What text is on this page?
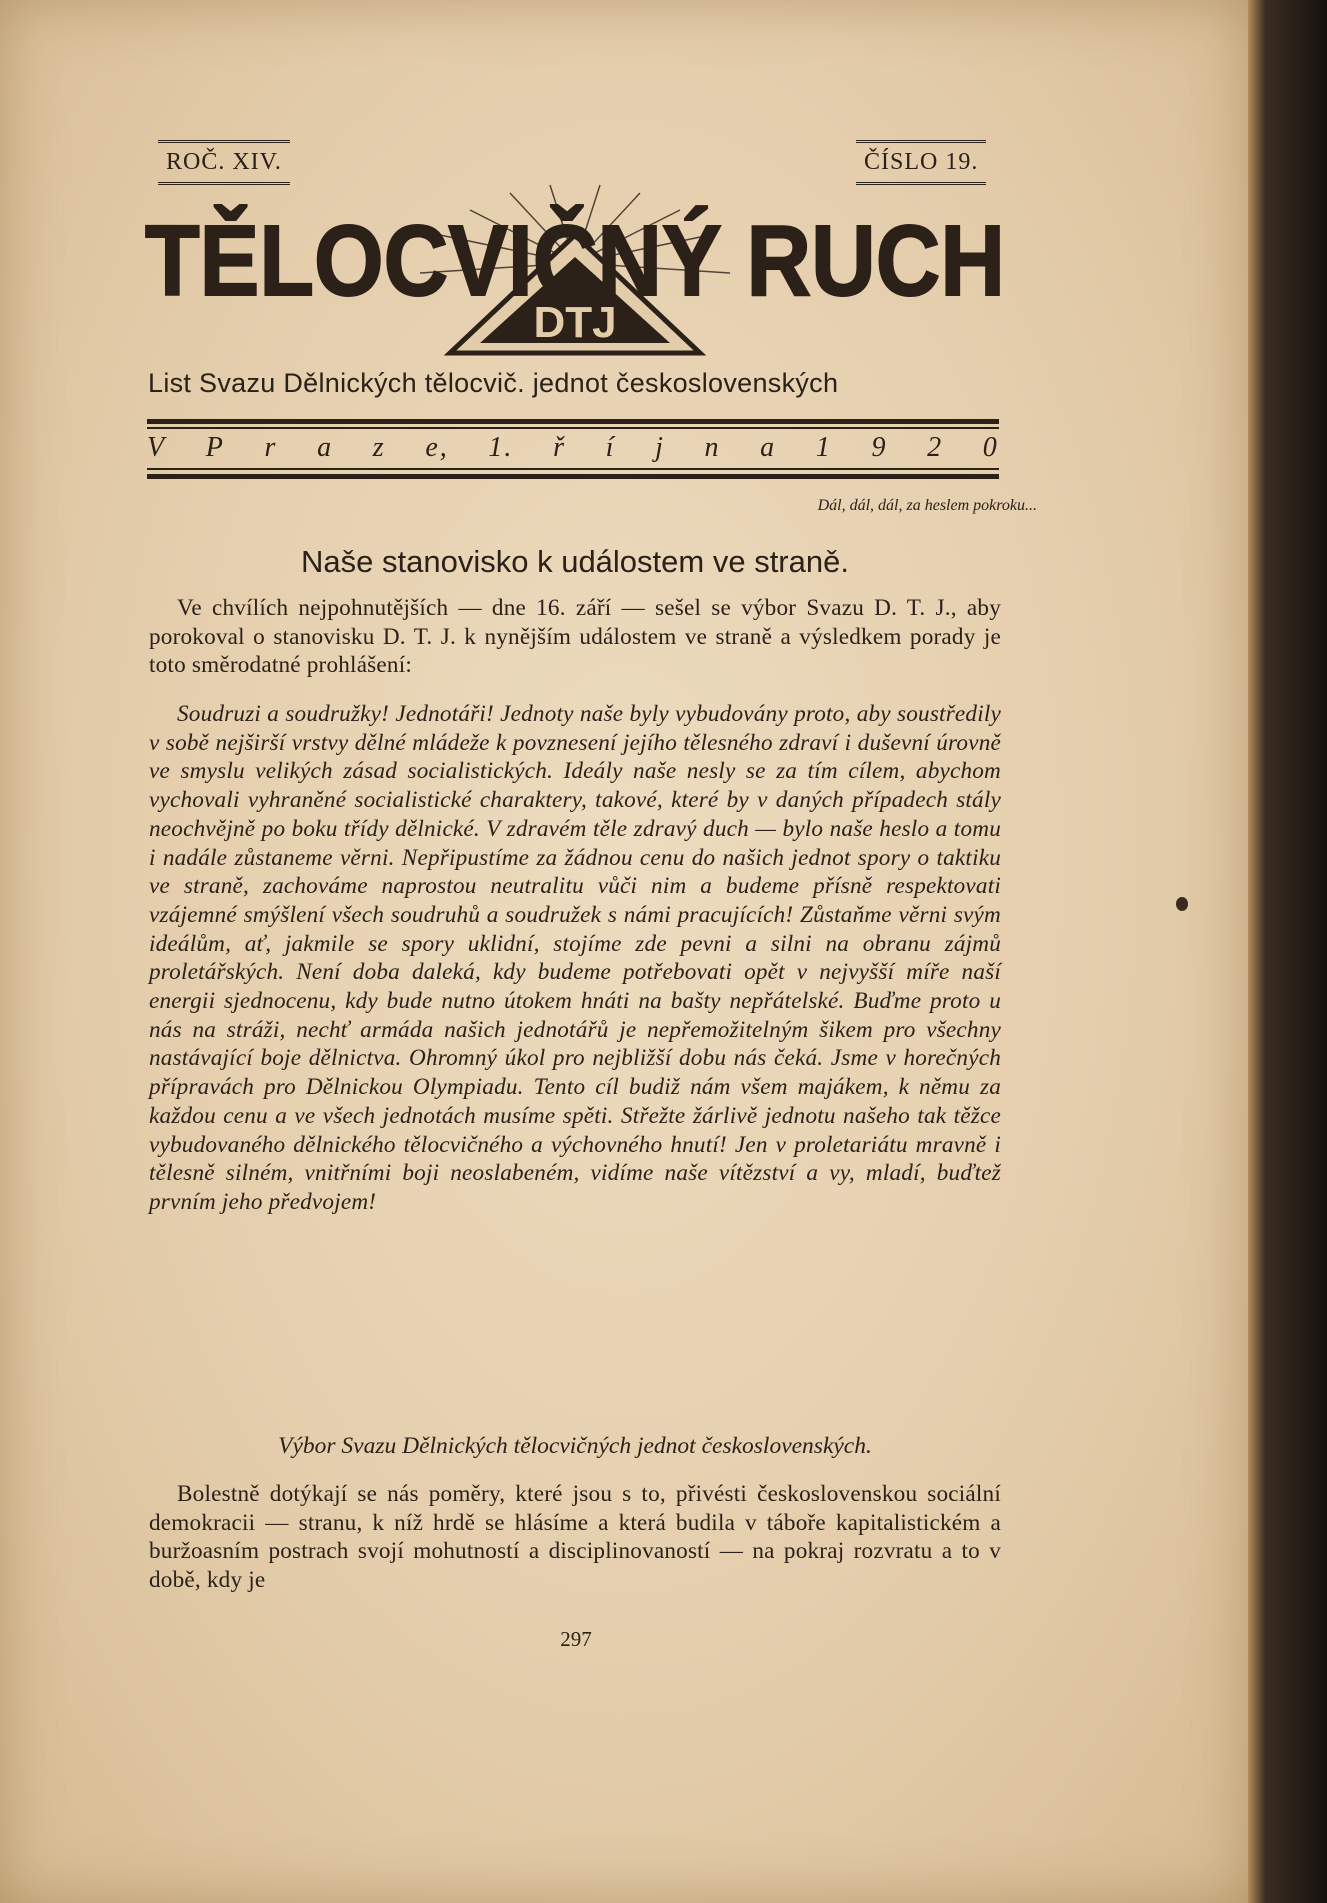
ROČ. XIV.	ČÍSLO 19.
DTJ
TĚLOCVIČNÝ RUCH
List Svazu Dělnických tělocvič. jednot československých
V P r a z e, 1. ř í j n a 1 9 2 0
Dál, dál, dál, za heslem pokroku...
Naše stanovisko k událostem ve straně.
Ve chvílích nejpohnutějších — dne 16. září — sešel se výbor Svazu D. T. J., aby porokoval o stanovisku D. T. J. k nynějším událostem ve straně a výsledkem porady je toto směrodatné prohlášení:
Soudruzi a soudružky! Jednotáři! Jednoty naše byly vybudovány proto, aby soustředily v sobě nejširší vrstvy dělné mládeže k povznesení jejího tělesného zdraví i duševní úrovně ve smyslu velikých zásad socialistických. Ideály naše nesly se za tím cílem, abychom vychovali vyhraněné socialistické charaktery, takové, které by v daných případech stály neochvějně po boku třídy dělnické. V zdravém těle zdravý duch — bylo naše heslo a tomu i nadále zůstaneme věrni. Nepřipustíme za žádnou cenu do našich jednot spory o taktiku ve straně, zachováme naprostou neutralitu vůči nim a budeme přísně respektovati vzájemné smýšlení všech soudruhů a soudružek s námi pracujících! Zůstaňme věrni svým ideálům, ať, jakmile se spory uklidní, stojíme zde pevni a silni na obranu zájmů proletářských. Není doba daleká, kdy budeme potřebovati opět v nejvyšší míře naší energii sjednocenu, kdy bude nutno útokem hnáti na bašty nepřátelské. Buďme proto u nás na stráži, nechť armáda našich jednotářů je nepřemožitelným šikem pro všechny nastávající boje dělnictva. Ohromný úkol pro nejbližší dobu nás čeká. Jsme v horečných přípravách pro Dělnickou Olympiadu. Tento cíl budiž nám všem majákem, k němu za každou cenu a ve všech jednotách musíme spěti. Střežte žárlivě jednotu našeho tak těžce vybudovaného dělnického tělocvičného a výchovného hnutí! Jen v proletariátu mravně i tělesně silném, vnitřními boji neoslabeném, vidíme naše vítězství a vy, mladí, buďtež prvním jeho předvojem!
Výbor Svazu Dělnických tělocvičných jednot československých.
Bolestně dotýkají se nás poměry, které jsou s to, přivésti československou sociální demokracii — stranu, k níž hrdě se hlásíme a která budila v táboře kapitalistickém a buržoasním postrach svojí mohutností a disciplinovaností — na pokraj rozvratu a to v době, kdy je
297
